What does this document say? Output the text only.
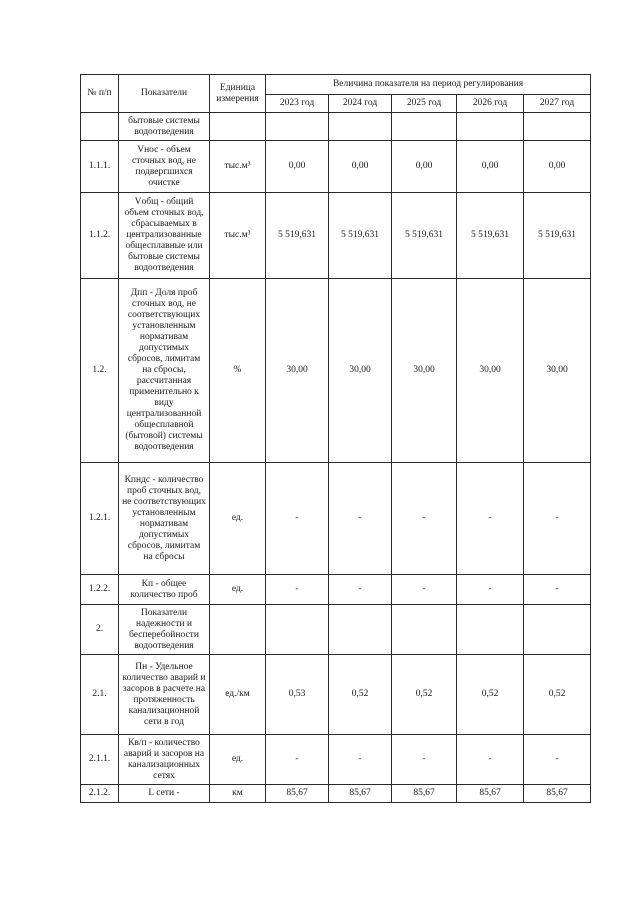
№ п/п	Показатели	Единица измерения	Величина показателя на период регулирования				
			2023 год	2024 год	2025 год	2026 год	2027 год
	бытовые системы водоотведения						
1.1.1.	Vнос - объем сточных вод, не подвергшихся очистке	тыс.м³	0,00	0,00	0,00	0,00	0,00
1.1.2.	Vобщ - общий объем сточных вод, сбрасываемых в централизованные общесплавные или бытовые системы водоотведения	тыс.м³	5 519,631	5 519,631	5 519,631	5 519,631	5 519,631
1.2.	Дпп - Доля проб сточных вод, не соответствующих установленным нормативам допустимых сбросов, лимитам на сбросы, рассчитанная применительно к виду централизованной общесплавной (бытовой) системы водоотведения	%	30,00	30,00	30,00	30,00	30,00
1.2.1.	Кпндс - количество проб сточных вод, не соответствующих установленным нормативам допустимых сбросов, лимитам на сбросы	ед.	-	-	-	-	-
1.2.2.	Кп - общее количество проб	ед.	-	-	-	-	-
2.	Показатели надежности и бесперебойности водоотведения						
2.1.	Пн - Удельное количество аварий и засоров в расчете на протяженность канализационной сети в год	ед./км	0,53	0,52	0,52	0,52	0,52
2.1.1.	Кв/п - количество аварий и засоров на канализационных сетях	ед.	-	-	-	-	-
2.1.2.	L сети -	км	85,67	85,67	85,67	85,67	85,67
